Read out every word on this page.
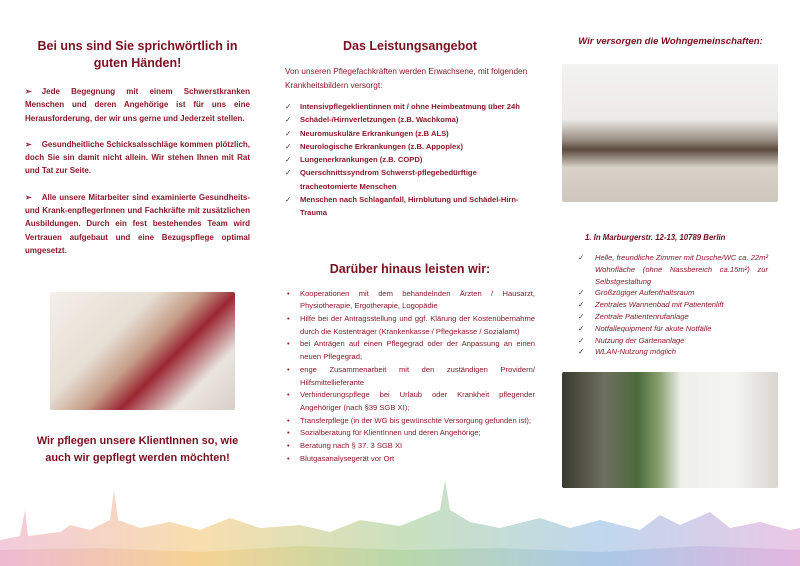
Bei uns sind Sie sprichwörtlich in guten Händen!

➢ Jede Begegnung mit einem Schwerstkranken Menschen und deren Angehörige ist für uns eine Herausforderung, der wir uns gerne und Jederzeit stellen.

➢ Gesundheitliche Schicksalsschläge kommen plötzlich, doch Sie sin damit nicht allein. Wir stehen Ihnen mit Rat und Tat zur Seite.

➢ Alle unsere Mitarbeiter sind examinierte Gesundheits- und Krank-enpflegerInnen und Fachkräfte mit zusätzlichen Ausbildungen. Durch ein fest bestehendes Team wird Vertrauen aufgebaut und eine Bezugspflege optimal umgesetzt.

Wir pflegen unsere KlientInnen so, wie auch wir gepflegt werden möchten!
Das Leistungsangebot

Von unseren Pflegefachkräften werden Erwachsene, mit folgenden Krankheitsbildern versorgt:

✓ Intensivpflegeklientinnen mit / ohne Heimbeatmung über 24h
✓ Schädel-/Hirnverletzungen (z.B. Wachkoma)
✓ Neuromuskuläre Erkrankungen (z.B ALS)
✓ Neurologische Erkrankungen (z.B. Appoplex)
✓ Lungenerkrankungen (z.B. COPD)
✓ Querschnittssyndrom Schwerst-pflegebedürftige tracheotomierte Menschen
✓ Menschen nach Schlaganfall, Hirnblutung und Schädel-Hirn- Trauma
Darüber hinaus leisten wir:
• Kooperationen mit dem behandelnden Ärzten / Hausarzt, Physiotherapie, Ergotherapie, Logopädie
• Hilfe bei der Antragsstellung und ggf. Klärung der Kostenübernahme durch die Kostenträger (Krankenkasse / Pflegekasse / Sozialamt)
• bei Anträgen auf einen Pflegegrad oder der Anpassung an einen neuen Pflegegrad;
• enge Zusammenarbeit mit den zuständigen Providern/ Hilfsmittellieferante
• Verhinderungspflege bei Urlaub oder Krankheit pflegender Angehöriger (nach §39 SGB XI);
• Transferpflege (in der WG bis gewünschte Versorgung gefunden ist);
• Sozialberatung für KlientInnen und deren Angehörige;
• Beratung nach § 37. 3 SGB XI
• Blutgasanalysegerät vor Ort

Wir versorgen die Wohngemeinschaften:

1. In Marburgerstr. 12-13, 10789 Berlin

✓ Helle, freundliche Zimmer mit Dusche/WC ca. 22m² Wohnfläche (ohne Nassbereich ca.15m²) zur Selbstgestaltung
✓ Großzügiger Aufenthaltsraum
✓ Zentrales Wannenbad mit Patientenlift
✓ Zentrale Patientenrufanlage
✓ Notfallequipment für akute Notfälle
✓ Nutzung der Gartenanlage
✓ WLAN-Nutzung möglich
